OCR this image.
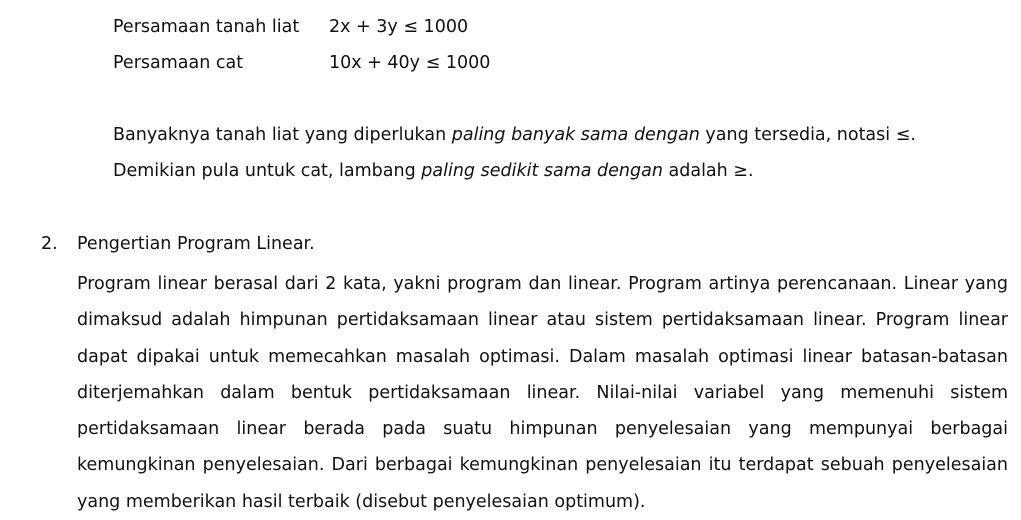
Persamaan tanah liat 2x + 3y ≤ 1000
Persamaan cat	10x + 40y ≤ 1000
Banyaknya tanah liat yang diperlukan paling banyak sama dengan yang tersedia, notasi ≤.
Demikian pula untuk cat, lambang paling sedikit sama dengan adalah ≥.
2. Pengertian Program Linear.
Program linear berasal dari 2 kata, yakni program dan linear. Program artinya perencanaan. Linear yang
dimaksud adalah himpunan pertidaksamaan linear atau sistem pertidaksamaan linear. Program linear
dapat dipakai untuk memecahkan masalah optimasi. Dalam masalah optimasi linear batasan-batasan
diterjemahkan dalam bentuk pertidaksamaan linear. Nilai-nilai variabel yang memenuhi sistem
pertidaksamaan linear berada pada suatu himpunan penyelesaian yang mempunyai berbagai
kemungkinan penyelesaian. Dari berbagai kemungkinan penyelesaian itu terdapat sebuah penyelesaian
yang memberikan hasil terbaik (disebut penyelesaian optimum).
